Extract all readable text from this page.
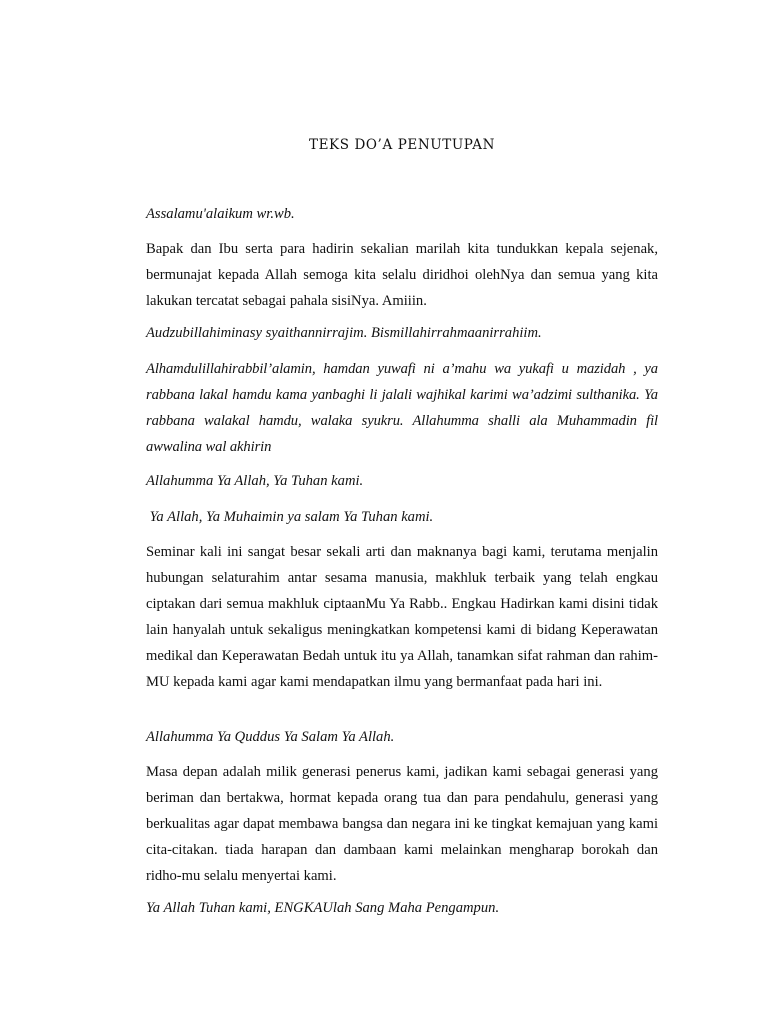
TEKS DO’A PENUTUPAN

Assalamu'alaikum wr.wb.

Bapak dan Ibu serta para hadirin sekalian marilah kita tundukkan kepala sejenak, bermunajat kepada Allah semoga kita selalu diridhoi olehNya dan semua yang kita lakukan tercatat sebagai pahala sisiNya. Amiiin.

Audzubillahiminasy syaithannirrajim. Bismillahirrahmaanirrahiim.

Alhamdulillahirabbil’alamin, hamdan yuwafi ni a’mahu wa yukafi u mazidah , ya rabbana lakal hamdu kama yanbaghi li jalali wajhikal karimi wa’adzimi sulthanika. Ya rabbana walakal hamdu, walaka syukru. Allahumma shalli ala Muhammadin fil awwalina wal akhirin

Allahumma Ya Allah, Ya Tuhan kami.

Ya Allah, Ya Muhaimin ya salam Ya Tuhan kami.

Seminar kali ini sangat besar sekali arti dan maknanya bagi kami, terutama menjalin hubungan selaturahim antar sesama manusia, makhluk terbaik yang telah engkau ciptakan dari semua makhluk ciptaanMu Ya Rabb.. Engkau Hadirkan kami disini tidak lain hanyalah untuk sekaligus meningkatkan kompetensi kami di bidang Keperawatan medikal dan Keperawatan Bedah untuk itu ya Allah, tanamkan sifat rahman dan rahim-MU kepada kami agar kami mendapatkan ilmu yang bermanfaat pada hari ini.

Allahumma Ya Quddus Ya Salam Ya Allah.

Masa depan adalah milik generasi penerus kami, jadikan kami sebagai generasi yang beriman dan bertakwa, hormat kepada orang tua dan para pendahulu, generasi yang berkualitas agar dapat membawa bangsa dan negara ini ke tingkat kemajuan yang kami cita-citakan. tiada harapan dan dambaan kami melainkan mengharap borokah dan ridho-mu selalu menyertai kami.

Ya Allah Tuhan kami, ENGKAUlah Sang Maha Pengampun.
